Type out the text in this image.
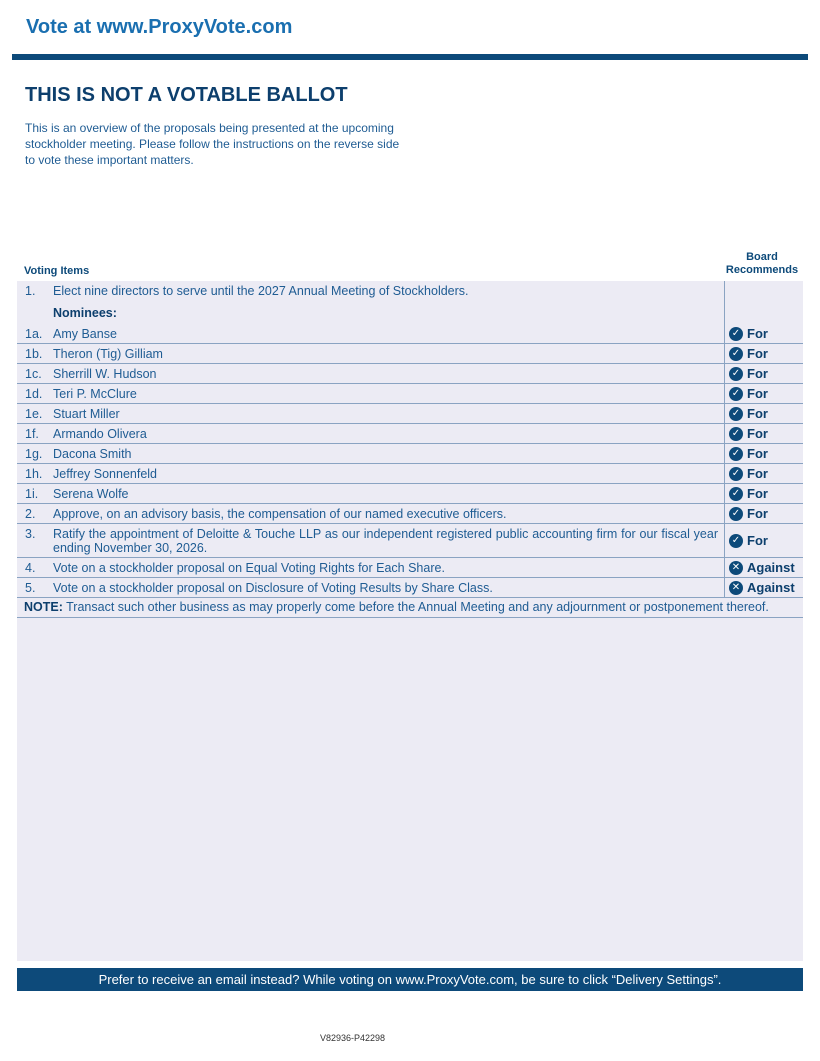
Vote at www.ProxyVote.com
THIS IS NOT A VOTABLE BALLOT
This is an overview of the proposals being presented at the upcoming stockholder meeting. Please follow the instructions on the reverse side to vote these important matters.
Voting Items
Board
Recommends
1.	Elect nine directors to serve until the 2027 Annual Meeting of Stockholders.
Nominees:
1a. Amy Banse	✓ For
1b. Theron (Tig) Gilliam	✓ For
1c. Sherrill W. Hudson	✓ For
1d. Teri P. McClure	✓ For
1e. Stuart Miller	✓ For
1f.	Armando Olivera	✓ For
1g. Dacona Smith	✓ For
1h. Jeffrey Sonnenfeld	✓ For
1i.	Serena Wolfe	✓ For
2.	Approve, on an advisory basis, the compensation of our named executive officers.	✓ For
3.	Ratify the appointment of Deloitte & Touche LLP as our independent registered public accounting firm for our fiscal year ending November 30, 2026.
✓ For
4.	Vote on a stockholder proposal on Equal Voting Rights for Each Share.	✕ Against
5.	Vote on a stockholder proposal on Disclosure of Voting Results by Share Class.	✕ Against
NOTE: Transact such other business as may properly come before the Annual Meeting and any adjournment or postponement thereof.
Prefer to receive an email instead? While voting on www.ProxyVote.com, be sure to click “Delivery Settings”.
V82936-P42298
